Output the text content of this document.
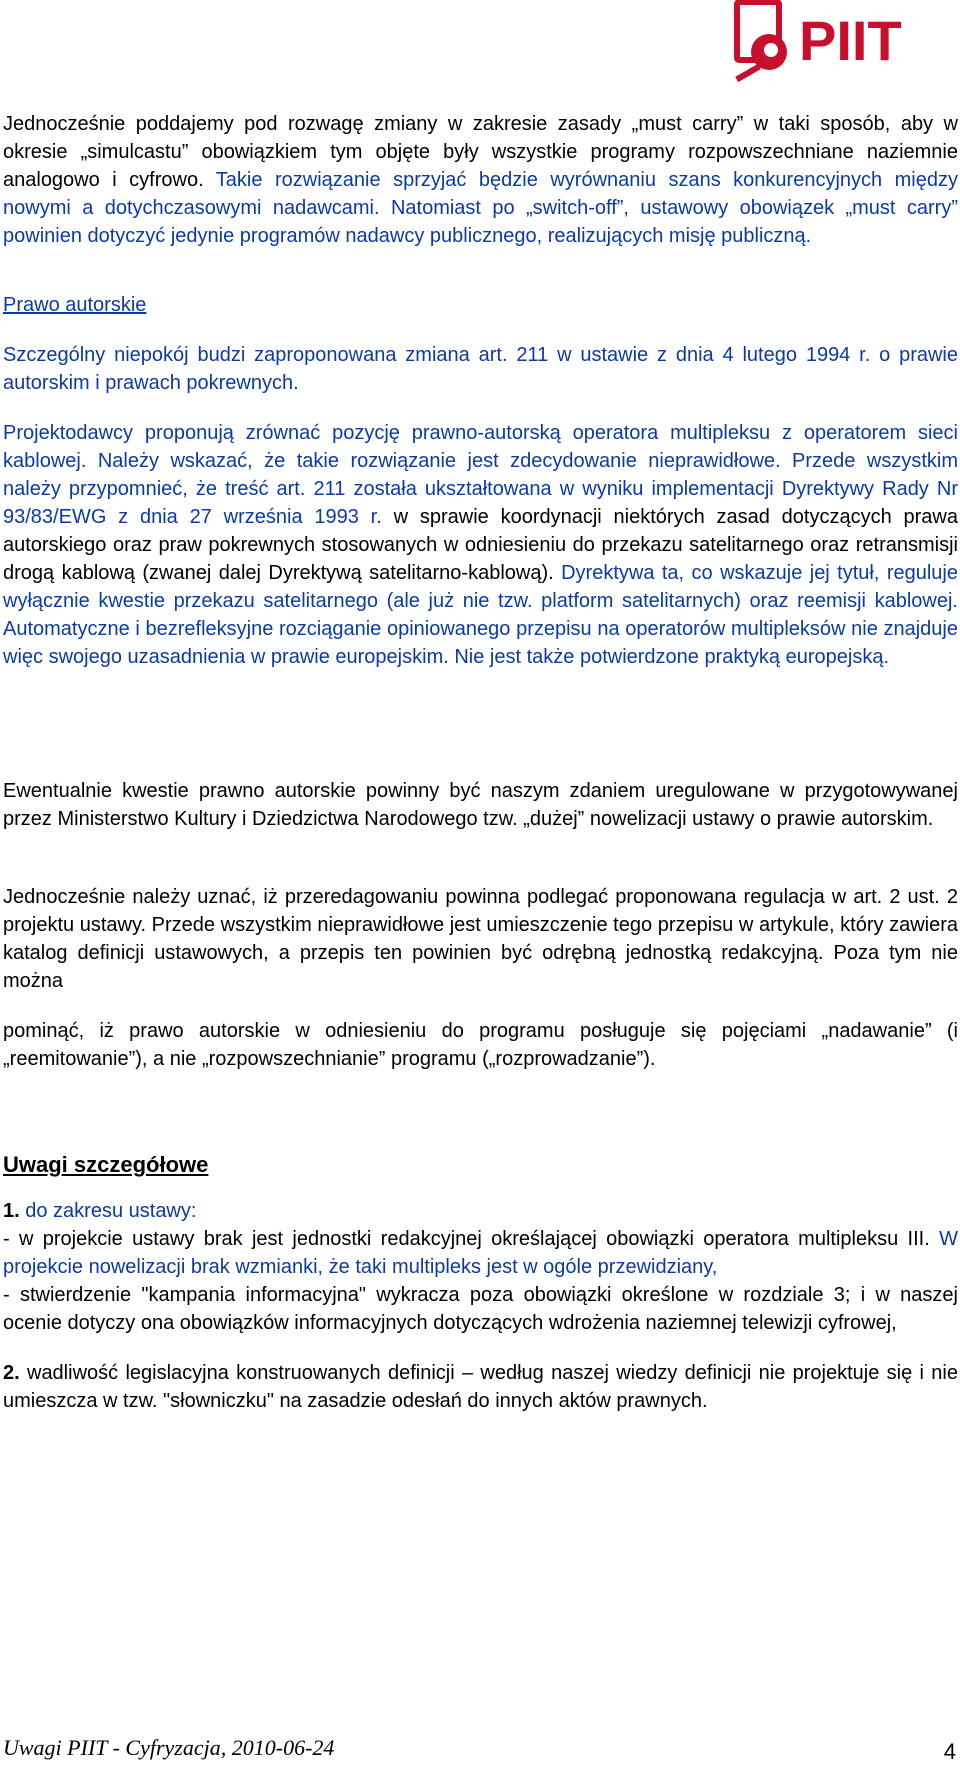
PIIT

Jednocześnie poddajemy pod rozwagę zmiany w zakresie zasady „must carry” w taki sposób, aby w okresie „simulcastu” obowiązkiem tym objęte były wszystkie programy rozpowszechniane naziemnie analogowo i cyfrowo. Takie rozwiązanie sprzyjać będzie wyrównaniu szans konkurencyjnych między nowymi a dotychczasowymi nadawcami. Natomiast po „switch-off”, ustawowy obowiązek „must carry” powinien dotyczyć jedynie programów nadawcy publicznego, realizujących misję publiczną.

Prawo autorskie

Szczególny niepokój budzi zaproponowana zmiana art. 211 w ustawie z dnia 4 lutego 1994 r. o prawie autorskim i prawach pokrewnych.

Projektodawcy proponują zrównać pozycję prawno-autorską operatora multipleksu z operatorem sieci kablowej. Należy wskazać, że takie rozwiązanie jest zdecydowanie nieprawidłowe. Przede wszystkim należy przypomnieć, że treść art. 211 została ukształtowana w wyniku implementacji Dyrektywy Rady Nr 93/83/EWG z dnia 27 września 1993 r. w sprawie koordynacji niektórych zasad dotyczących prawa autorskiego oraz praw pokrewnych stosowanych w odniesieniu do przekazu satelitarnego oraz retransmisji drogą kablową (zwanej dalej Dyrektywą satelitarno-kablową). Dyrektywa ta, co wskazuje jej tytuł, reguluje wyłącznie kwestie przekazu satelitarnego (ale już nie tzw. platform satelitarnych) oraz reemisji kablowej. Automatyczne i bezrefleksyjne rozciąganie opiniowanego przepisu na operatorów multipleksów nie znajduje więc swojego uzasadnienia w prawie europejskim. Nie jest także potwierdzone praktyką europejską.

Ewentualnie kwestie prawno autorskie powinny być naszym zdaniem uregulowane w przygotowywanej przez Ministerstwo Kultury i Dziedzictwa Narodowego tzw. „dużej” nowelizacji ustawy o prawie autorskim.

Jednocześnie należy uznać, iż przeredagowaniu powinna podlegać proponowana regulacja w art. 2 ust. 2 projektu ustawy. Przede wszystkim nieprawidłowe jest umieszczenie tego przepisu w artykule, który zawiera katalog definicji ustawowych, a przepis ten powinien być odrębną jednostką redakcyjną. Poza tym nie można

pominąć, iż prawo autorskie w odniesieniu do programu posługuje się pojęciami „nadawanie” (i „reemitowanie”), a nie „rozpowszechnianie” programu („rozprowadzanie”).

Uwagi szczegółowe

1. do zakresu ustawy:

- w projekcie ustawy brak jest jednostki redakcyjnej określającej obowiązki operatora multipleksu III. W projekcie nowelizacji brak wzmianki, że taki multipleks jest w ogóle przewidziany,

- stwierdzenie "kampania informacyjna" wykracza poza obowiązki określone w rozdziale 3; i w naszej ocenie dotyczy ona obowiązków informacyjnych dotyczących wdrożenia naziemnej telewizji cyfrowej,

2. wadliwość legislacyjna konstruowanych definicji – według naszej wiedzy definicji nie projektuje się i nie umieszcza w tzw. "słowniczku" na zasadzie odesłań do innych aktów prawnych.

Uwagi PIIT - Cyfryzacja, 2010-06-24	4
